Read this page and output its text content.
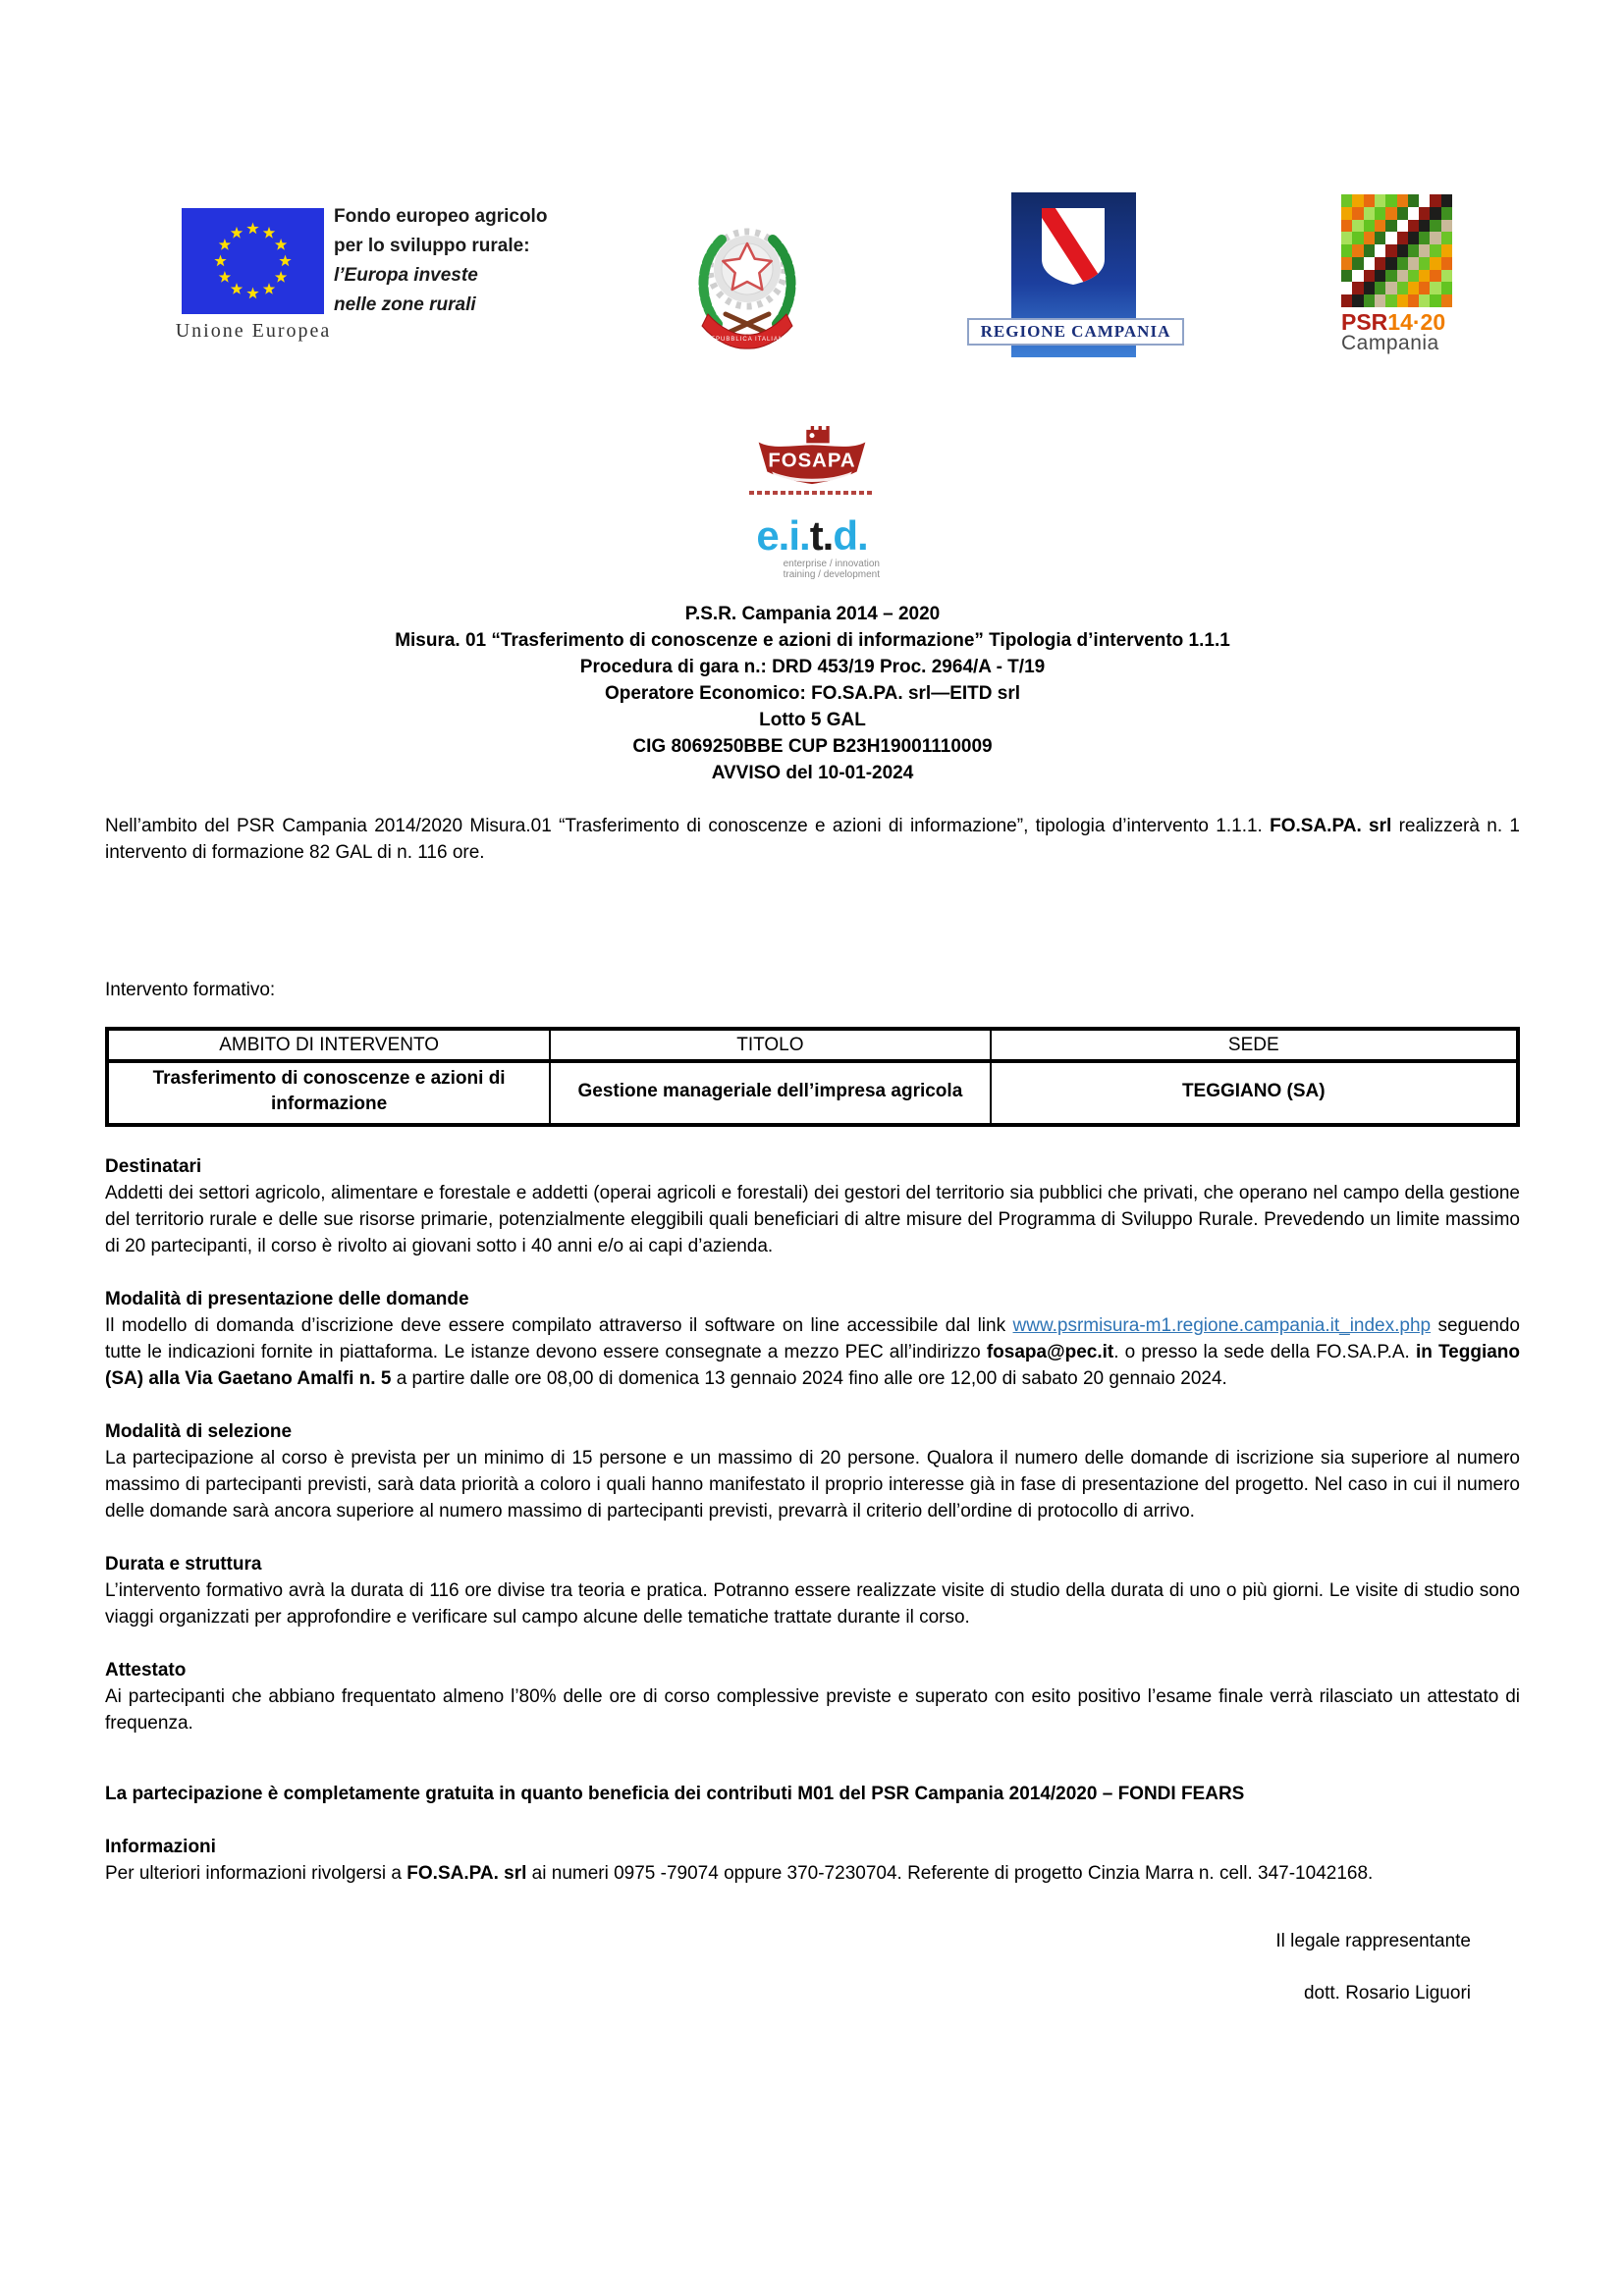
Unione Europea
Fondo europeo agricolo
per lo sviluppo rurale:
l’Europa investe
nelle zone rurali
REPUBBLICA ITALIANA	REGIONE CAMPANIA	PSR14·20
Campania
FOSAPA
e.i.t.d.
enterprise / innovation
training / development
P.S.R. Campania 2014 – 2020
Misura. 01 “Trasferimento di conoscenze e azioni di informazione” Tipologia d’intervento 1.1.1
Procedura di gara n.: DRD 453/19 Proc. 2964/A - T/19
Operatore Economico: FO.SA.PA. srl—EITD srl
Lotto 5 GAL
CIG 8069250BBE CUP B23H19001110009
AVVISO del 10-01-2024

Nell’ambito del PSR Campania 2014/2020 Misura.01 “Trasferimento di conoscenze e azioni di informazione”, tipologia d’intervento 1.1.1. FO.SA.PA. srl realizzerà n. 1 intervento di formazione 82 GAL di n. 116 ore.

Intervento formativo:

AMBITO DI INTERVENTO	TITOLO	SEDE
Trasferimento di conoscenze e azioni di informazione	Gestione manageriale dell’impresa agricola	TEGGIANO (SA)
Destinatari

Addetti dei settori agricolo, alimentare e forestale e addetti (operai agricoli e forestali) dei gestori del territorio sia pubblici che privati, che operano nel campo della gestione del territorio rurale e delle sue risorse primarie, potenzialmente eleggibili quali beneficiari di altre misure del Programma di Sviluppo Rurale. Prevedendo un limite massimo di 20 partecipanti, il corso è rivolto ai giovani sotto i 40 anni e/o ai capi d’azienda.

Modalità di presentazione delle domande

Il modello di domanda d’iscrizione deve essere compilato attraverso il software on line accessibile dal link www.psrmisura-m1.regione.campania.it_index.php seguendo tutte le indicazioni fornite in piattaforma. Le istanze devono essere consegnate a mezzo PEC all’indirizzo fosapa@pec.it. o presso la sede della FO.SA.P.A. in Teggiano (SA) alla Via Gaetano Amalfi n. 5 a partire dalle ore 08,00 di domenica 13 gennaio 2024 fino alle ore 12,00 di sabato 20 gennaio 2024.

Modalità di selezione

La partecipazione al corso è prevista per un minimo di 15 persone e un massimo di 20 persone. Qualora il numero delle domande di iscrizione sia superiore al numero massimo di partecipanti previsti, sarà data priorità a coloro i quali hanno manifestato il proprio interesse già in fase di presentazione del progetto. Nel caso in cui il numero delle domande sarà ancora superiore al numero massimo di partecipanti previsti, prevarrà il criterio dell’ordine di protocollo di arrivo.

Durata e struttura

L’intervento formativo avrà la durata di 116 ore divise tra teoria e pratica. Potranno essere realizzate visite di studio della durata di uno o più giorni. Le visite di studio sono viaggi organizzati per approfondire e verificare sul campo alcune delle tematiche trattate durante il corso.

Attestato

Ai partecipanti che abbiano frequentato almeno l’80% delle ore di corso complessive previste e superato con esito positivo l’esame finale verrà rilasciato un attestato di frequenza.

La partecipazione è completamente gratuita in quanto beneficia dei contributi M01 del PSR Campania 2014/2020 – FONDI FEARS

Informazioni

Per ulteriori informazioni rivolgersi a FO.SA.PA. srl ai numeri 0975 -79074 oppure 370-7230704. Referente di progetto Cinzia Marra n. cell. 347-1042168.

Il legale rappresentante
dott. Rosario Liguori
